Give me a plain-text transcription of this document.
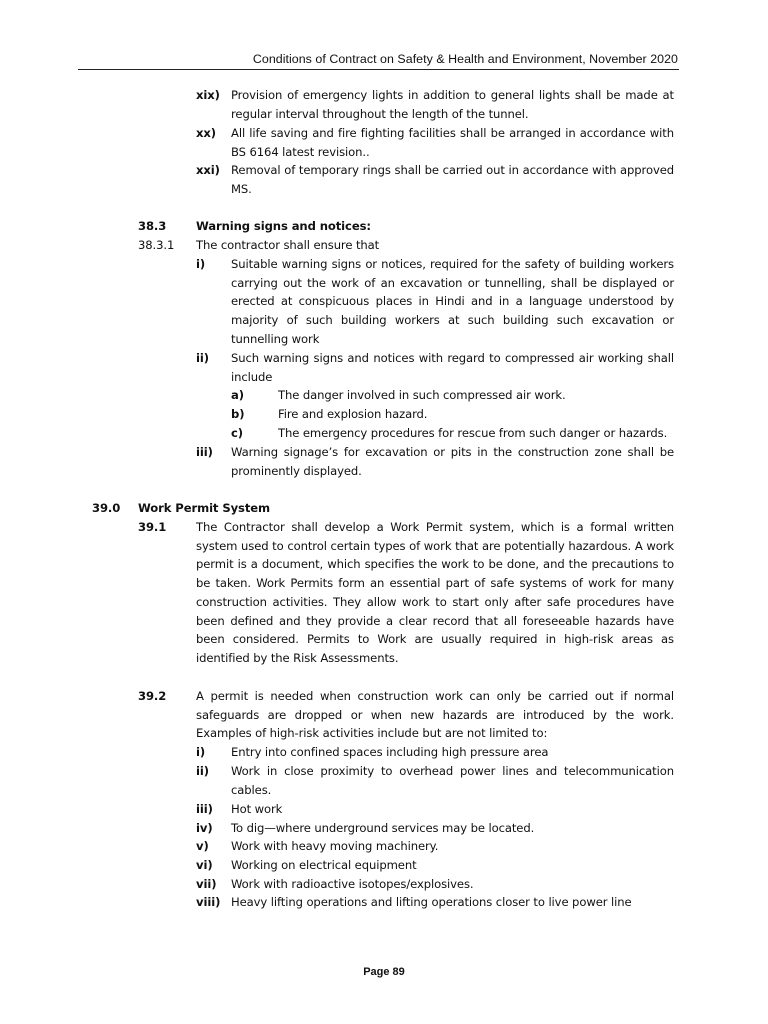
Conditions of Contract on Safety & Health and Environment, November 2020
xix) Provision of emergency lights in addition to general lights shall be made at regular interval throughout the length of the tunnel.
xx) All life saving and fire fighting facilities shall be arranged in accordance with BS 6164 latest revision..
xxi) Removal of temporary rings shall be carried out in accordance with approved MS.
38.3	Warning signs and notices:
38.3.1 The contractor shall ensure that
i) Suitable warning signs or notices, required for the safety of building workers carrying out the work of an excavation or tunnelling, shall be displayed or erected at conspicuous places in Hindi and in a language understood by majority of such building workers at such building such excavation or tunnelling work
ii) Such warning signs and notices with regard to compressed air working shall include
a)	The danger involved in such compressed air work.
b)	Fire and explosion hazard.
c)	The emergency procedures for rescue from such danger or hazards.
iii) Warning signage’s for excavation or pits in the construction zone shall be prominently displayed.
39.0 Work Permit System
39.1	The Contractor shall develop a Work Permit system, which is a formal written system used to control certain types of work that are potentially hazardous. A work permit is a document, which specifies the work to be done, and the precautions to be taken. Work Permits form an essential part of safe systems of work for many construction activities. They allow work to start only after safe procedures have been defined and they provide a clear record that all foreseeable hazards have been considered. Permits to Work are usually required in high-risk areas as identified by the Risk Assessments.
39.2	A permit is needed when construction work can only be carried out if normal safeguards are dropped or when new hazards are introduced by the work. Examples of high-risk activities include but are not limited to:
i) Entry into confined spaces including high pressure area
ii) Work in close proximity to overhead power lines and telecommunication cables.
iii) Hot work
iv) To dig—where underground services may be located.
v) Work with heavy moving machinery.
vi) Working on electrical equipment
vii) Work with radioactive isotopes/explosives.
viii) Heavy lifting operations and lifting operations closer to live power line
Page 89
